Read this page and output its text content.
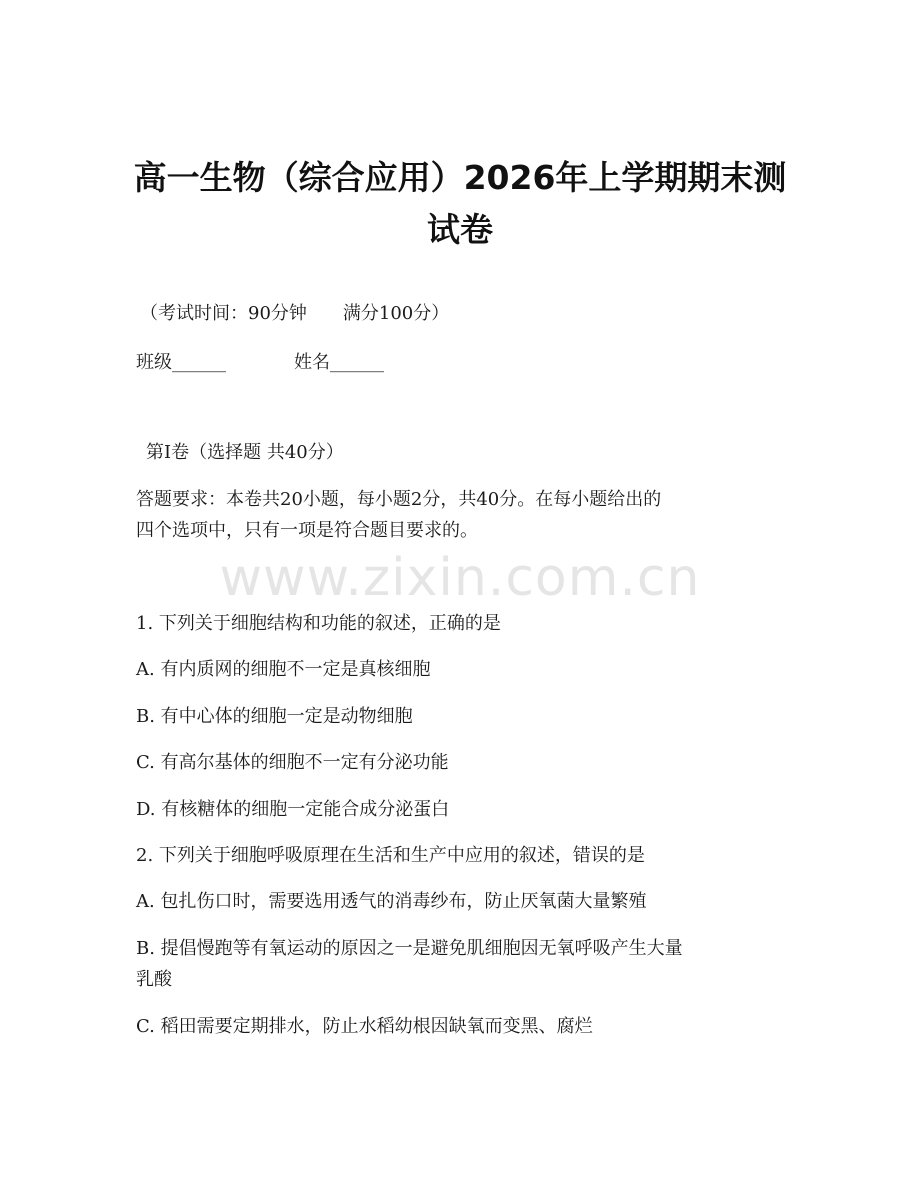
www.zixin.com.cn
高一生物（综合应用）2026年上学期期末测
试卷
（考试时间：90分钟　　满分100分）
班级______	姓名______
第Ⅰ卷（选择题 共40分）
答题要求：本卷共20小题，每小题2分，共40分。在每小题给出的
四个选项中，只有一项是符合题目要求的。
1. 下列关于细胞结构和功能的叙述，正确的是
A. 有内质网的细胞不一定是真核细胞
B. 有中心体的细胞一定是动物细胞
C. 有高尔基体的细胞不一定有分泌功能
D. 有核糖体的细胞一定能合成分泌蛋白
2. 下列关于细胞呼吸原理在生活和生产中应用的叙述，错误的是
A. 包扎伤口时，需要选用透气的消毒纱布，防止厌氧菌大量繁殖
B. 提倡慢跑等有氧运动的原因之一是避免肌细胞因无氧呼吸产生大量
乳酸
C. 稻田需要定期排水，防止水稻幼根因缺氧而变黑、腐烂
